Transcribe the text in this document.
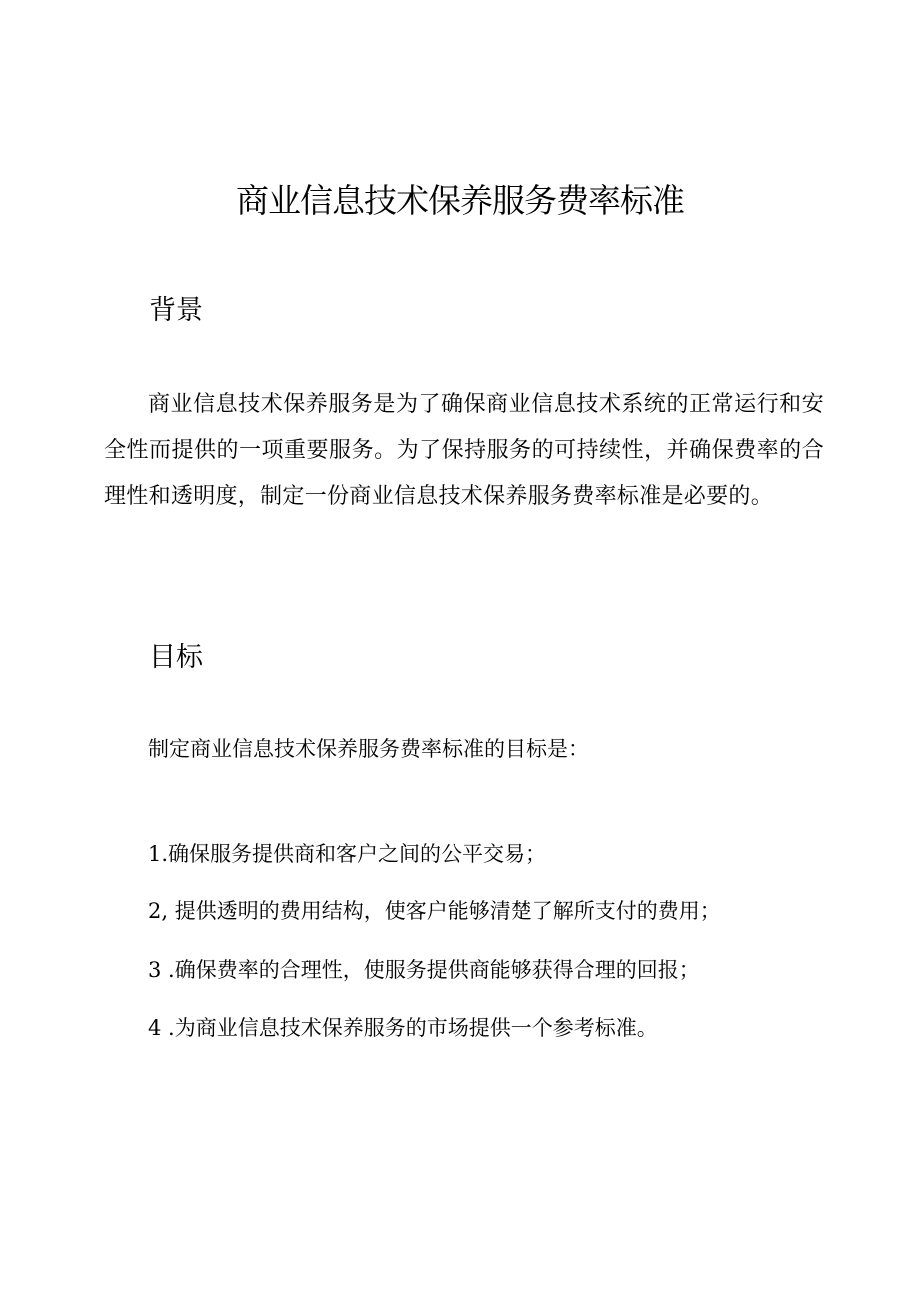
商业信息技术保养服务费率标准
背景

商业信息技术保养服务是为了确保商业信息技术系统的正常运行和安全性而提供的一项重要服务。为了保持服务的可持续性，并确保费率的合理性和透明度，制定一份商业信息技术保养服务费率标准是必要的。

目标

制定商业信息技术保养服务费率标准的目标是：

1.确保服务提供商和客户之间的公平交易；

2, 提供透明的费用结构，使客户能够清楚了解所支付的费用；

3 .确保费率的合理性，使服务提供商能够获得合理的回报；

4 .为商业信息技术保养服务的市场提供一个参考标准。
